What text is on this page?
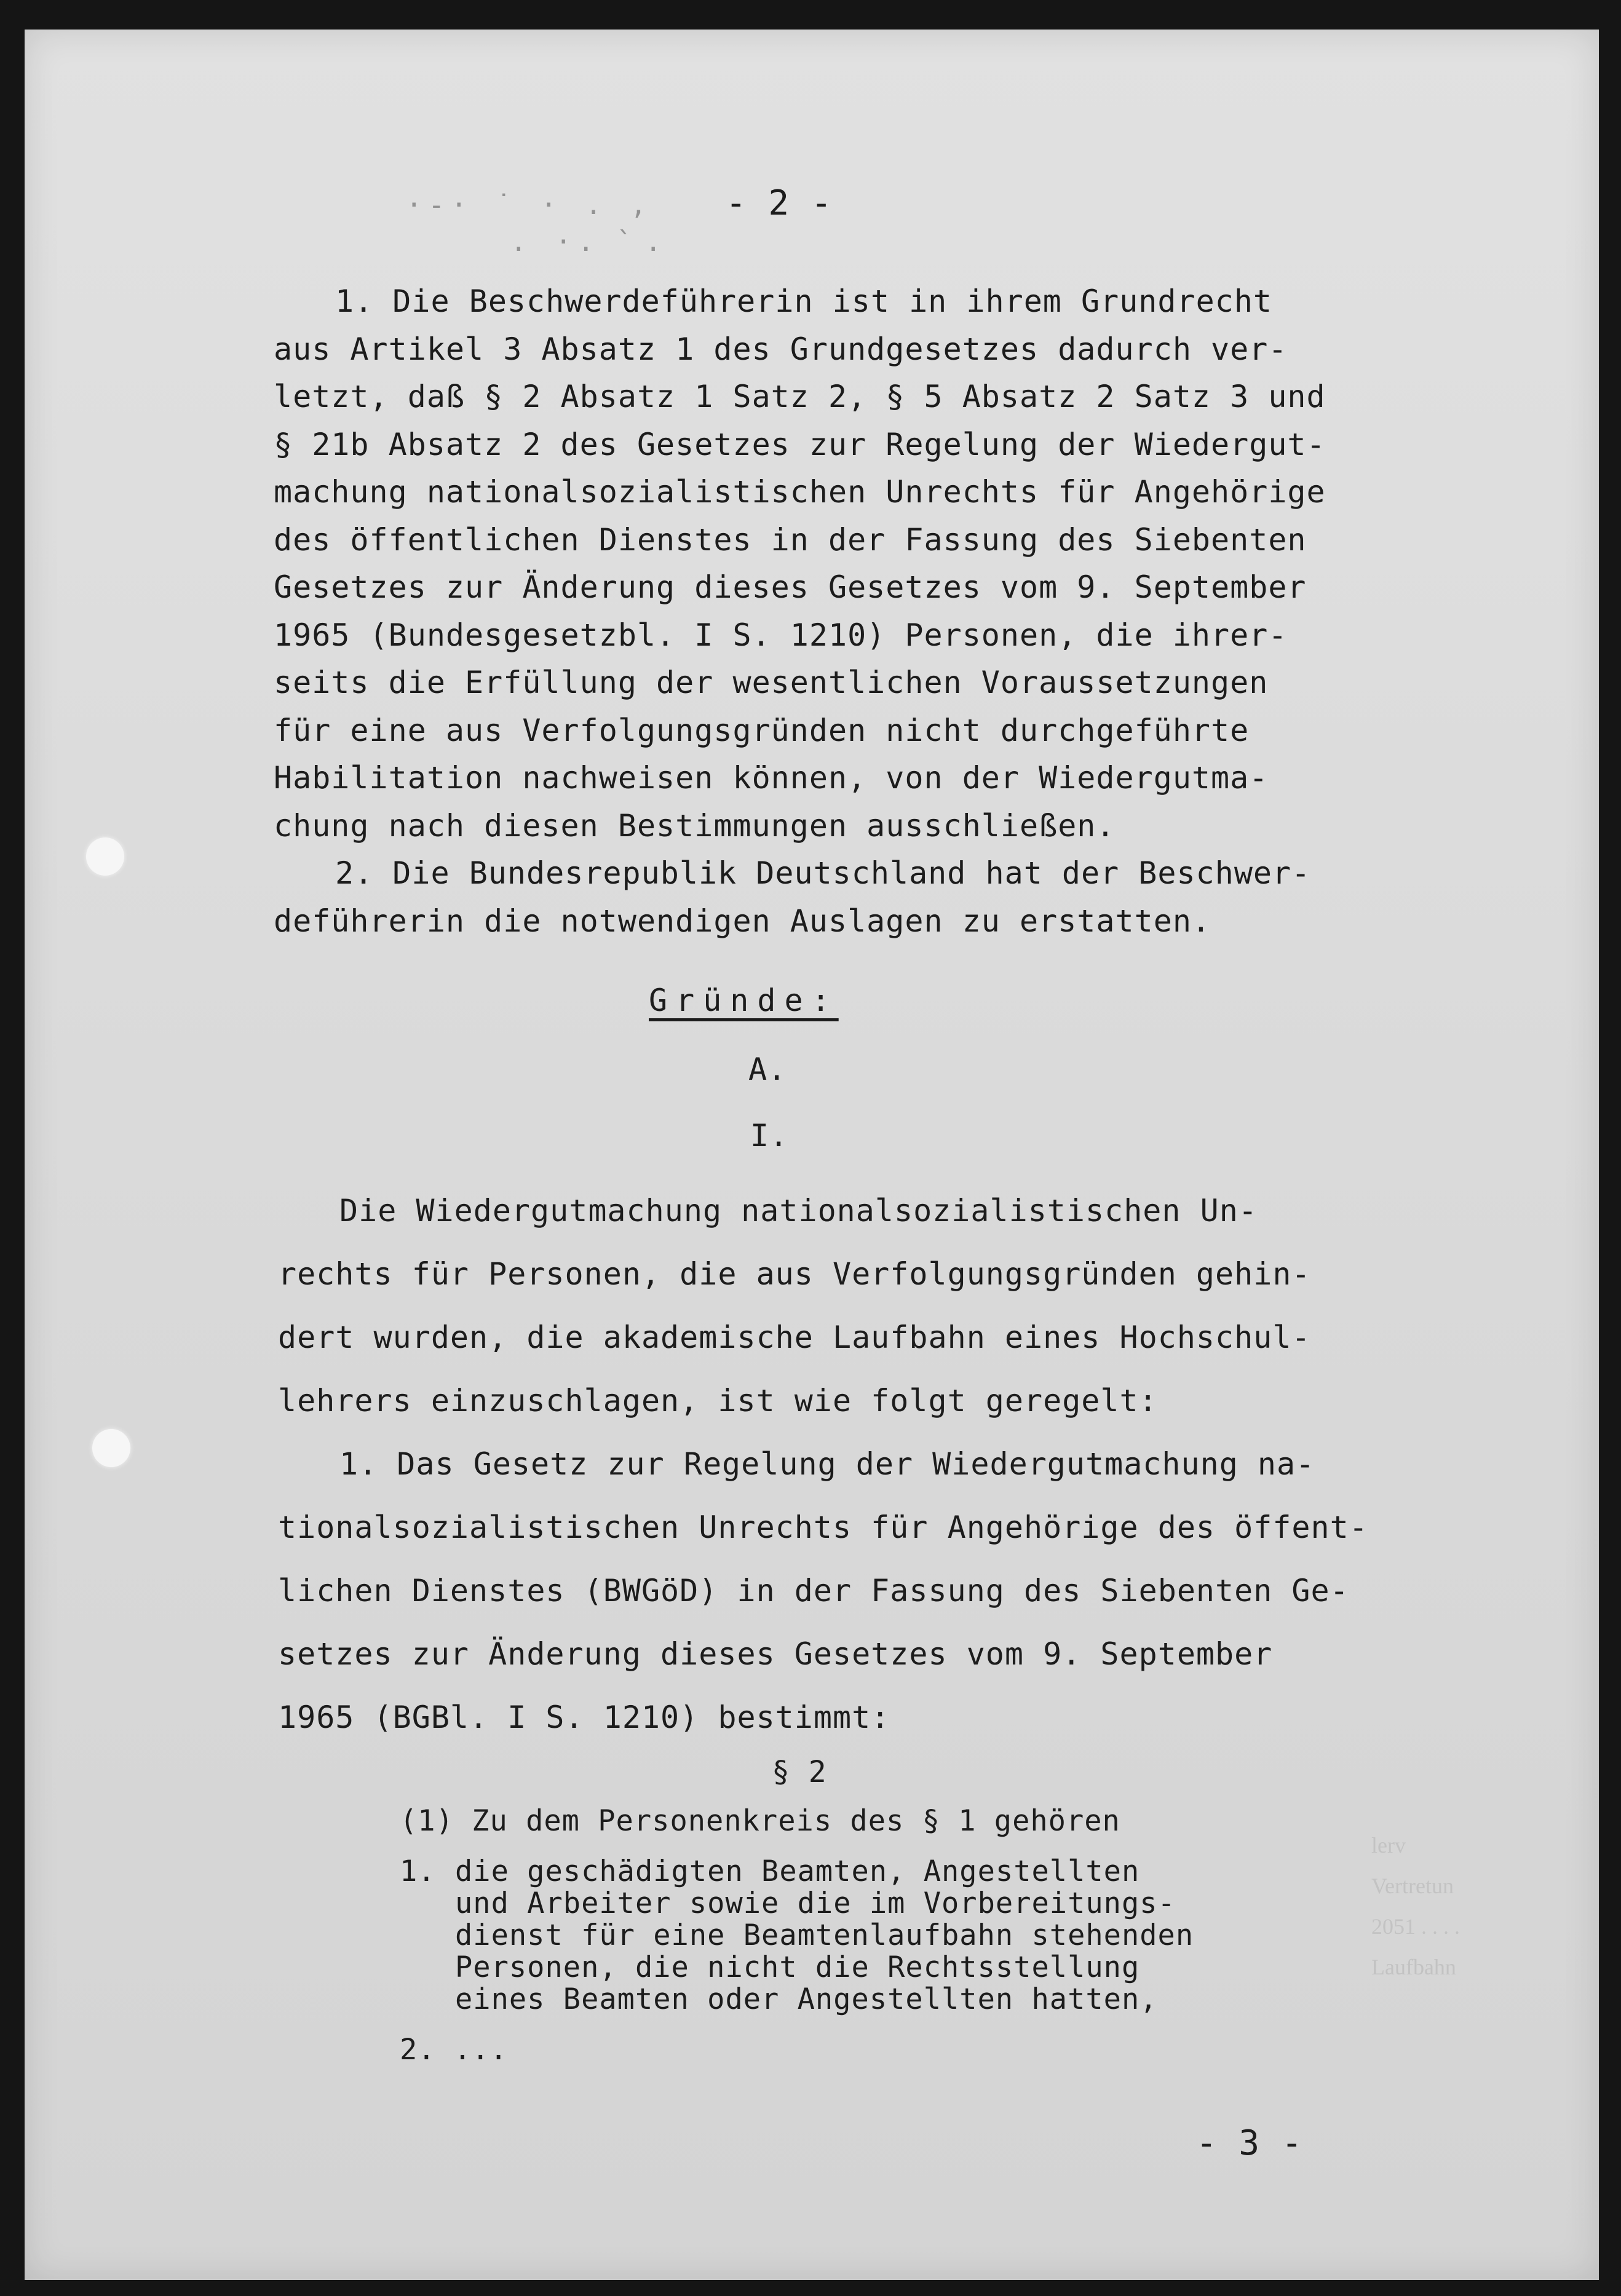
·-· ˙ · . ,
. ·. ̀ .
lerv
Vertretun
2051 . . . .
Laufbahn
- 2 -
1. Die Beschwerdeführerin ist in ihrem Grundrecht
aus Artikel 3 Absatz 1 des Grundgesetzes dadurch ver-
letzt, daß § 2 Absatz 1 Satz 2, § 5 Absatz 2 Satz 3 und
§ 21b Absatz 2 des Gesetzes zur Regelung der Wiedergut-
machung nationalsozialistischen Unrechts für Angehörige
des öffentlichen Dienstes in der Fassung des Siebenten
Gesetzes zur Änderung dieses Gesetzes vom 9. September
1965 (Bundesgesetzbl. I S. 1210) Personen, die ihrer-
seits die Erfüllung der wesentlichen Voraussetzungen
für eine aus Verfolgungsgründen nicht durchgeführte
Habilitation nachweisen können, von der Wiedergutma-
chung nach diesen Bestimmungen ausschließen.
2. Die Bundesrepublik Deutschland hat der Beschwer-
deführerin die notwendigen Auslagen zu erstatten.
Gründe:
A.
I.
Die Wiedergutmachung nationalsozialistischen Un-
rechts für Personen, die aus Verfolgungsgründen gehin-
dert wurden, die akademische Laufbahn eines Hochschul-
lehrers einzuschlagen, ist wie folgt geregelt:
1. Das Gesetz zur Regelung der Wiedergutmachung na-
tionalsozialistischen Unrechts für Angehörige des öffent-
lichen Dienstes (BWGöD) in der Fassung des Siebenten Ge-
setzes zur Änderung dieses Gesetzes vom 9. September
1965 (BGBl. I S. 1210) bestimmt:
§ 2
(1) Zu dem Personenkreis des § 1 gehören
1. die geschädigten Beamten, Angestellten
und Arbeiter sowie die im Vorbereitungs-
dienst für eine Beamtenlaufbahn stehenden
Personen, die nicht die Rechtsstellung
eines Beamten oder Angestellten hatten,
2. ...
- 3 -
